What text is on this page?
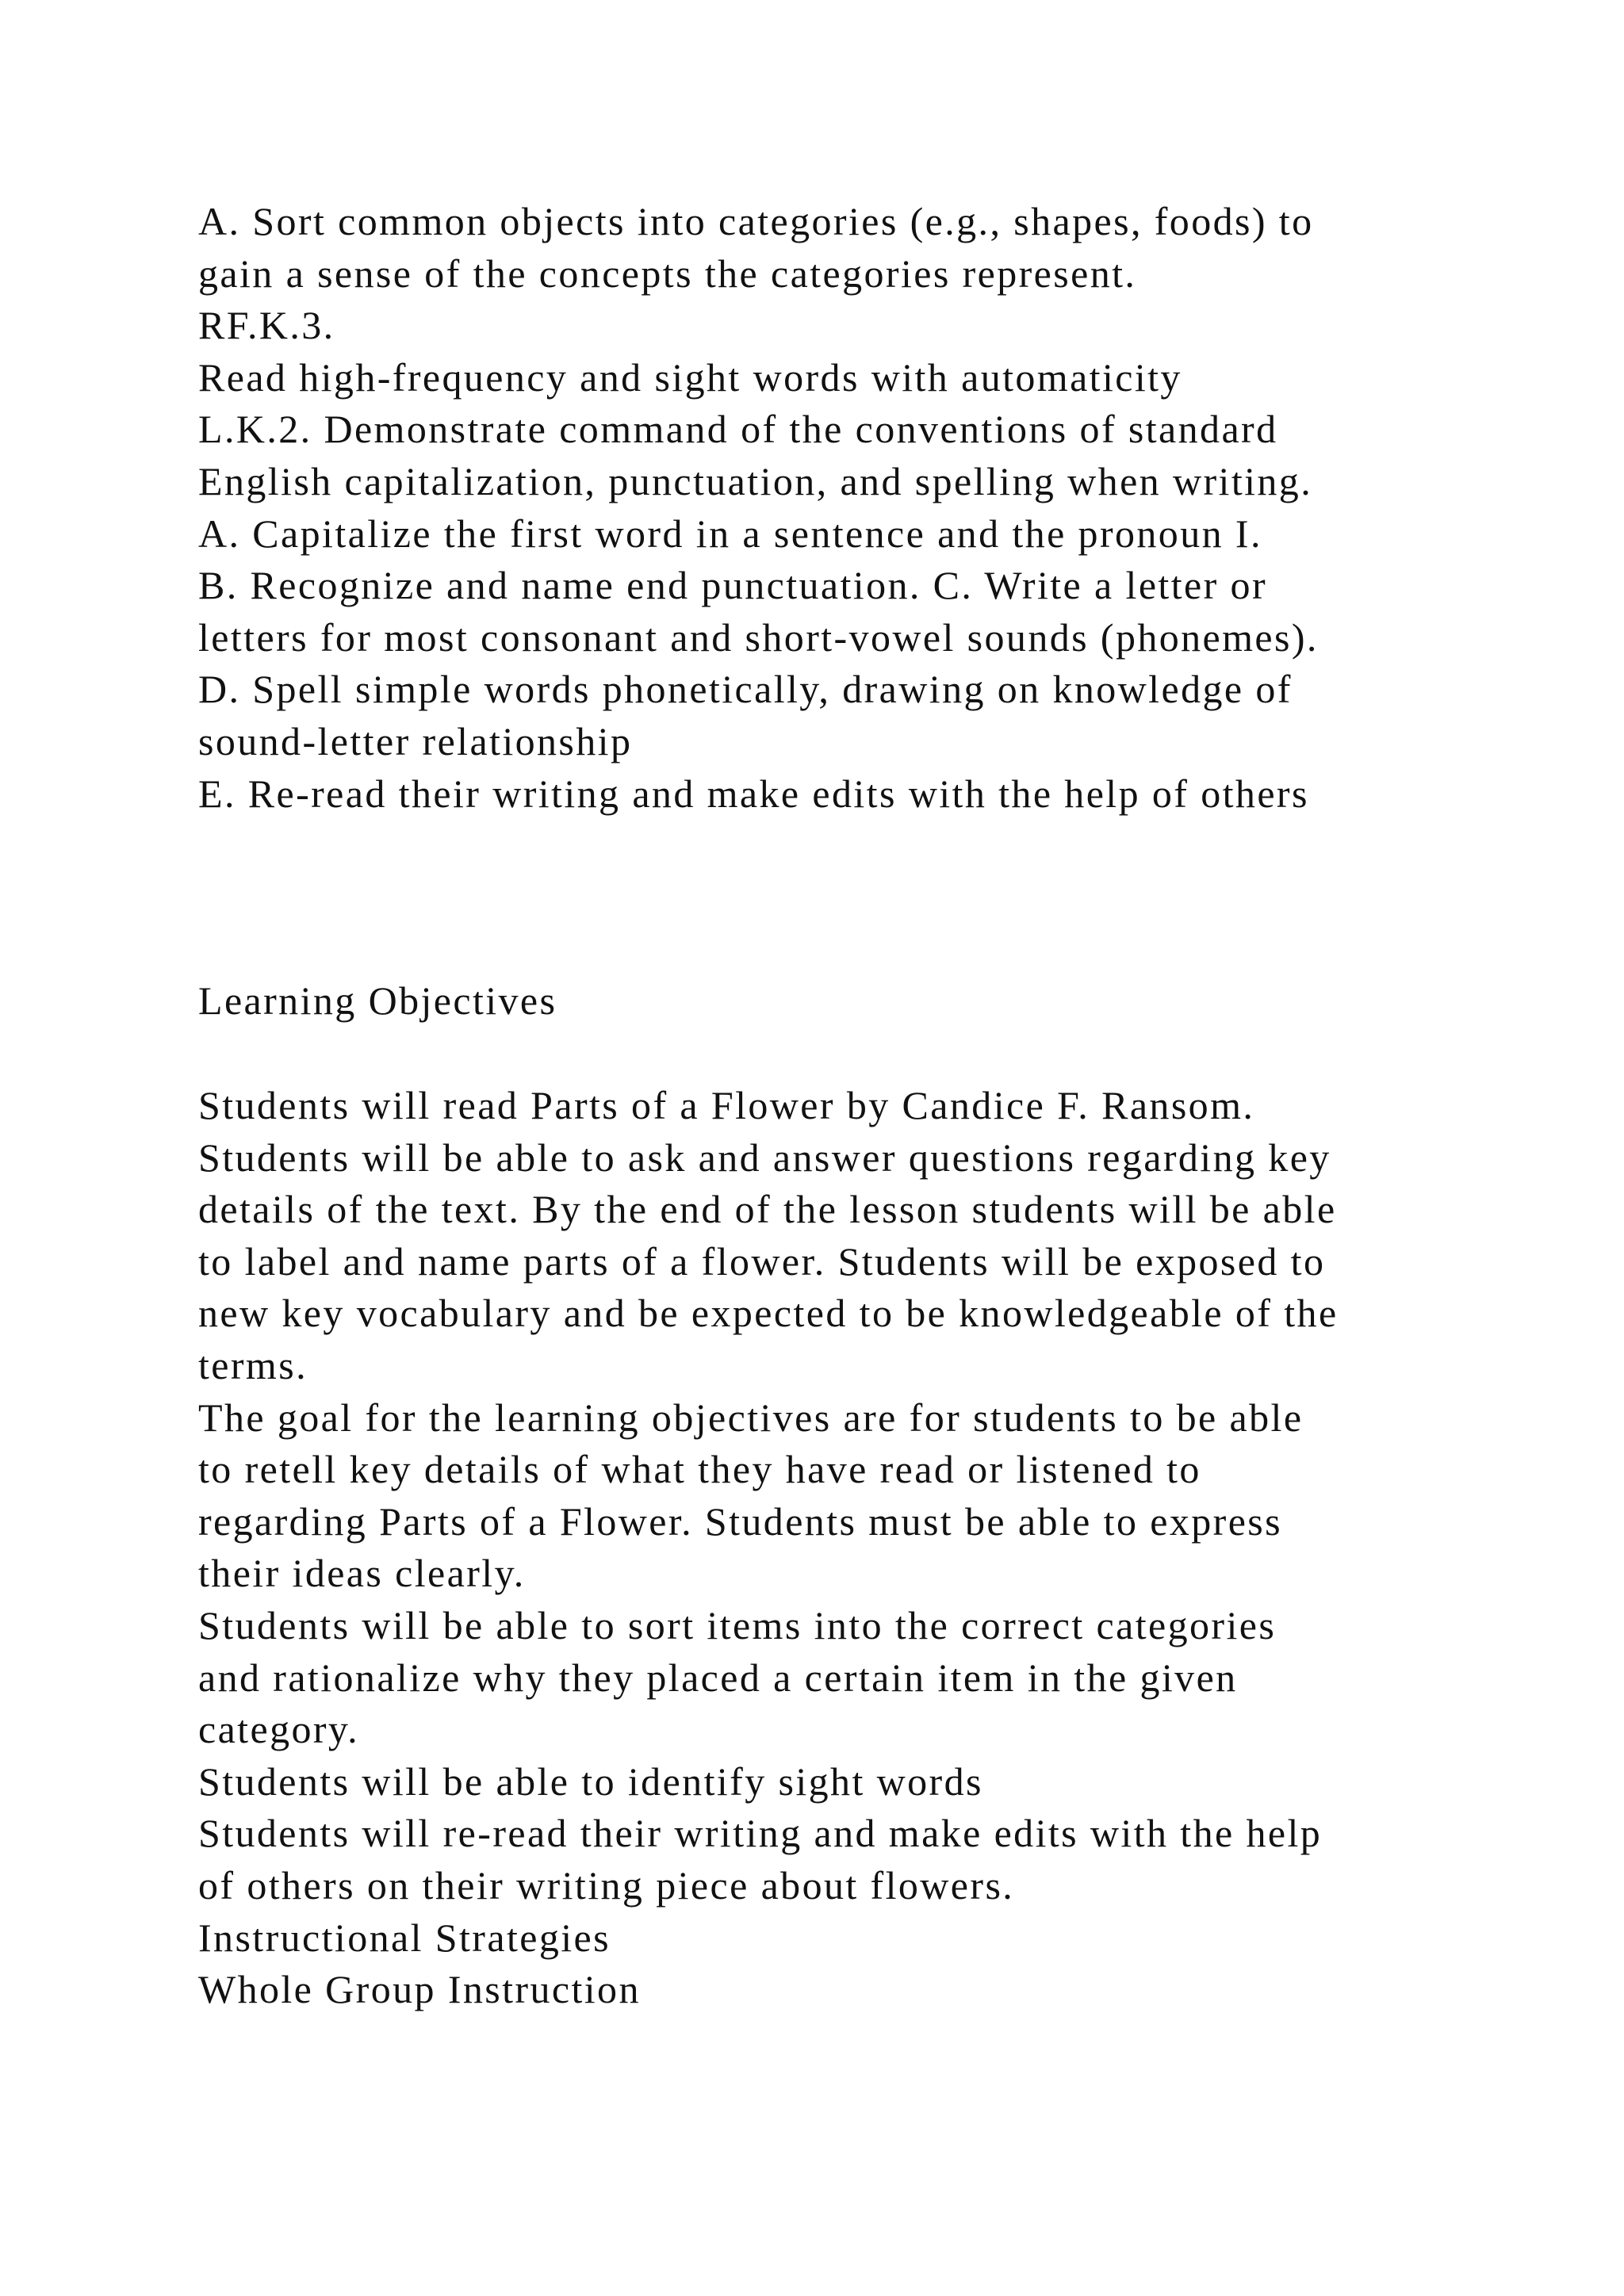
A. Sort common objects into categories (e.g., shapes, foods) to
gain a sense of the concepts the categories represent.
RF.K.3.
Read high-frequency and sight words with automaticity
L.K.2. Demonstrate command of the conventions of standard
English capitalization, punctuation, and spelling when writing.
A. Capitalize the first word in a sentence and the pronoun I.
B. Recognize and name end punctuation. C. Write a letter or
letters for most consonant and short-vowel sounds (phonemes).
D. Spell simple words phonetically, drawing on knowledge of
sound-letter relationship
E. Re-read their writing and make edits with the help of others
Learning Objectives
Students will read Parts of a Flower by Candice F. Ransom.
Students will be able to ask and answer questions regarding key
details of the text. By the end of the lesson students will be able
to label and name parts of a flower. Students will be exposed to
new key vocabulary and be expected to be knowledgeable of the
terms.
The goal for the learning objectives are for students to be able
to retell key details of what they have read or listened to
regarding Parts of a Flower. Students must be able to express
their ideas clearly.
Students will be able to sort items into the correct categories
and rationalize why they placed a certain item in the given
category.
Students will be able to identify sight words
Students will re-read their writing and make edits with the help
of others on their writing piece about flowers.
Instructional Strategies
Whole Group Instruction
